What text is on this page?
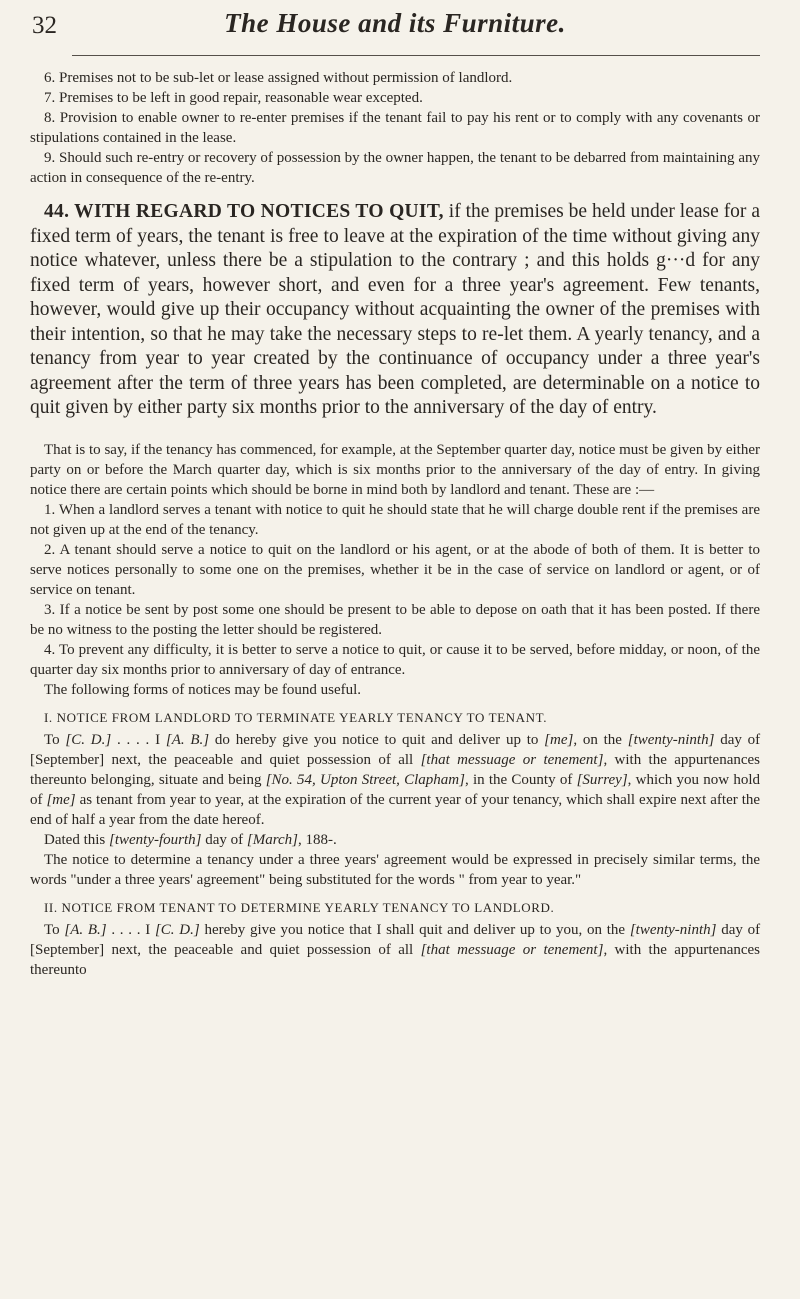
32	The House and its Furniture.

6. Premises not to be sub-let or lease assigned without permission of landlord.

7. Premises to be left in good repair, reasonable wear excepted.

8. Provision to enable owner to re-enter premises if the tenant fail to pay his rent or to comply with any covenants or stipulations contained in the lease.

9. Should such re-entry or recovery of possession by the owner happen, the tenant to be debarred from maintaining any action in consequence of the re-entry.

44. WITH REGARD TO NOTICES TO QUIT, if the premises be held under lease for a fixed term of years, the tenant is free to leave at the expiration of the time without giving any notice whatever, unless there be a stipulation to the contrary ; and this holds g···d for any fixed term of years, however short, and even for a three year's agreement. Few tenants, however, would give up their occupancy without acquainting the owner of the premises with their intention, so that he may take the necessary steps to re-let them. A yearly tenancy, and a tenancy from year to year created by the continuance of occupancy under a three year's agreement after the term of three years has been completed, are determinable on a notice to quit given by either party six months prior to the anniversary of the day of entry.

That is to say, if the tenancy has commenced, for example, at the September quarter day, notice must be given by either party on or before the March quarter day, which is six months prior to the anniversary of the day of entry. In giving notice there are certain points which should be borne in mind both by landlord and tenant. These are :—

1. When a landlord serves a tenant with notice to quit he should state that he will charge double rent if the premises are not given up at the end of the tenancy.

2. A tenant should serve a notice to quit on the landlord or his agent, or at the abode of both of them. It is better to serve notices personally to some one on the premises, whether it be in the case of service on landlord or agent, or of service on tenant.

3. If a notice be sent by post some one should be present to be able to depose on oath that it has been posted. If there be no witness to the posting the letter should be registered.

4. To prevent any difficulty, it is better to serve a notice to quit, or cause it to be served, before midday, or noon, of the quarter day six months prior to anniversary of day of entrance.

The following forms of notices may be found useful.

I. NOTICE FROM LANDLORD TO TERMINATE YEARLY TENANCY TO TENANT.

To [C. D.] . . . . I [A. B.] do hereby give you notice to quit and deliver up to [me], on the [twenty-ninth] day of [September] next, the peaceable and quiet possession of all [that messuage or tenement], with the appurtenances thereunto belonging, situate and being [No. 54, Upton Street, Clapham], in the County of [Surrey], which you now hold of [me] as tenant from year to year, at the expiration of the current year of your tenancy, which shall expire next after the end of half a year from the date hereof.

Dated this [twenty-fourth] day of [March], 188-.

The notice to determine a tenancy under a three years' agreement would be expressed in precisely similar terms, the words "under a three years' agreement" being substituted for the words " from year to year."

II. NOTICE FROM TENANT TO DETERMINE YEARLY TENANCY TO LANDLORD.

To [A. B.] . . . . I [C. D.] hereby give you notice that I shall quit and deliver up to you, on the [twenty-ninth] day of [September] next, the peaceable and quiet possession of all [that messuage or tenement], with the appurtenances thereunto
